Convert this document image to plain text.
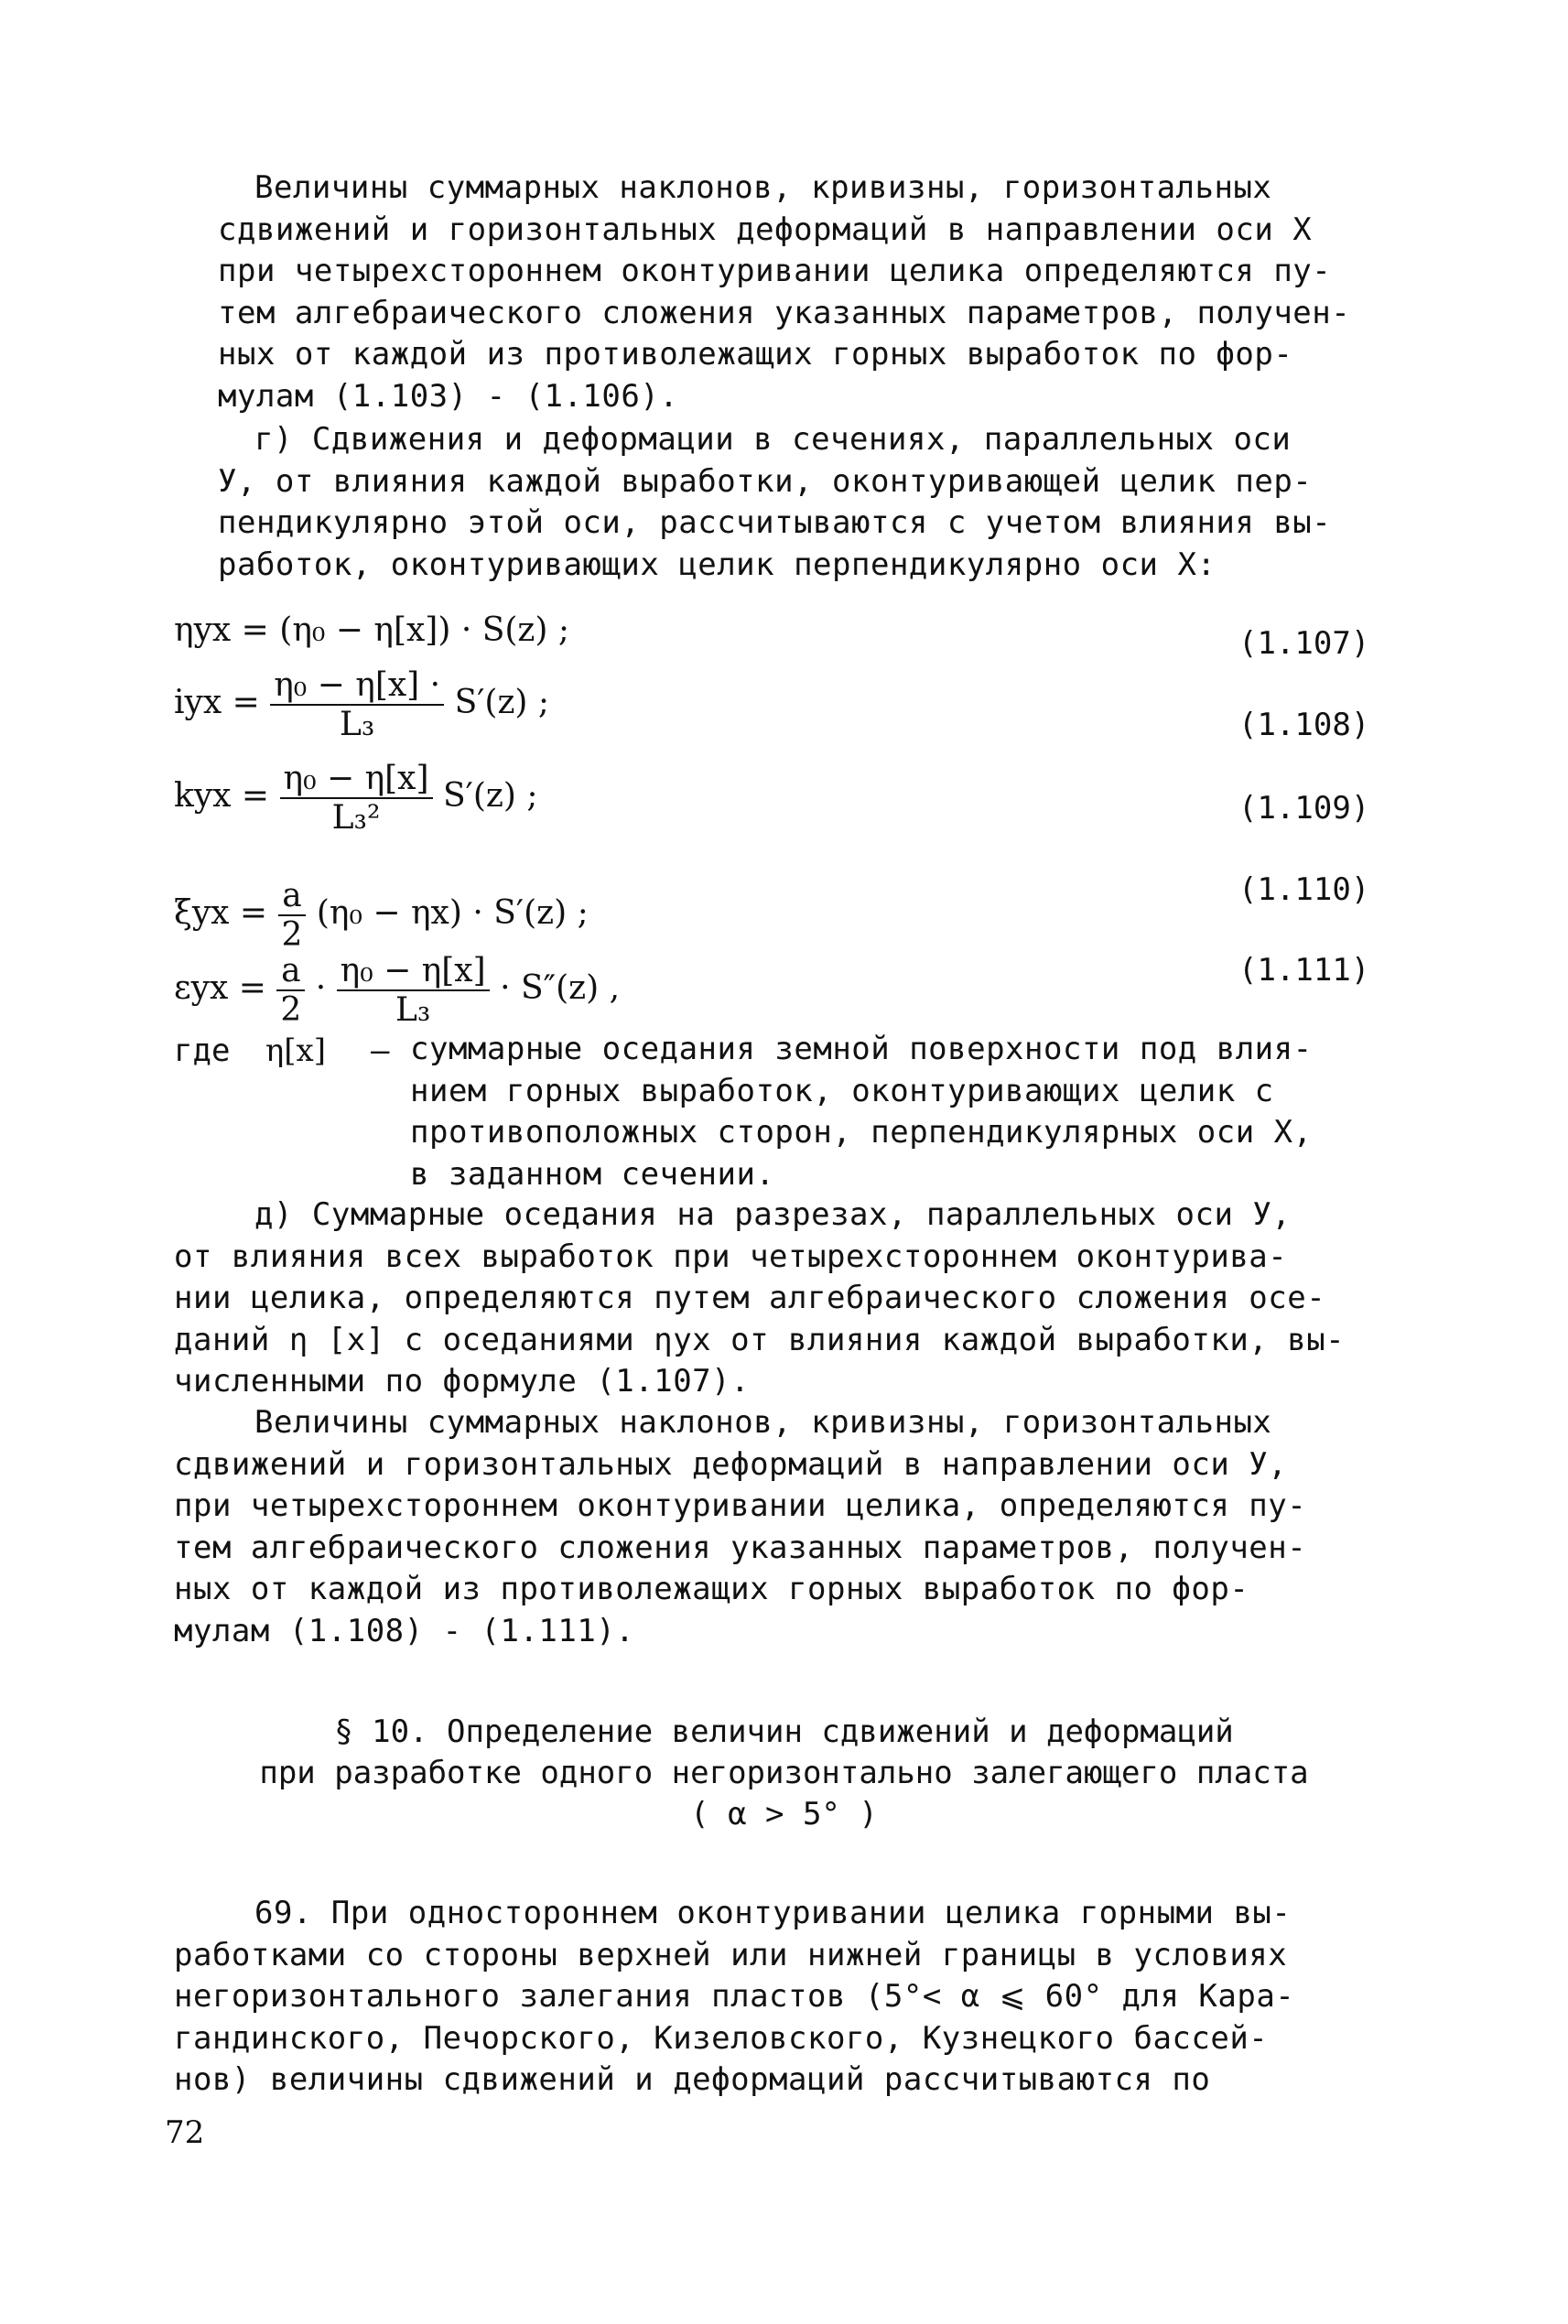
Величины суммарных наклонов, кривизны, горизонтальных
сдвижений и горизонтальных деформаций в направлении оси X
при четырехстороннем оконтуривании целика определяются пу-
тем алгебраического сложения указанных параметров, получен-
ных от каждой из противолежащих горных выработок по фор-
мулам (1.103) - (1.106).
г) Сдвижения и деформации в сечениях, параллельных оси
У, от влияния каждой выработки, оконтуривающей целик пер-
пендикулярно этой оси, рассчитываются с учетом влияния вы-
работок, оконтуривающих целик перпендикулярно оси X:
ηyx = (η₀ − η[x]) · S(z) ;	(1.107)
iyx = $\frac{\text{η₀ − η[x] ·}}{\text{L₃}} S'(z)$ ;
(1.108)
kyx = $\frac{\text{η₀ − η[x]}}{\text{L₃²}} S'(z)$ ;	(1.109)
(1.110)
$\xi yx = \frac{a}{2} (\eta_0 - \eta x) \cdot S'(z)$ ;
(1.111)
$\varepsilon yx = \frac{a}{2} \cdot \frac{\text{η₀ − η[x]}}{\text{L₃}} \cdot S''(z)$ ,
где η[x] – суммарные оседания земной поверхности под влия-
нием горных выработок, оконтуривающих целик с
противоположных сторон, перпендикулярных оси X,
в заданном сечении.
д) Суммарные оседания на разрезах, параллельных оси У,
от влияния всех выработок при четырехстороннем оконтурива-
нии целика, определяются путем алгебраического сложения осе-
даний η [x] с оседаниями ηyx от влияния каждой выработки, вы-
численными по формуле (1.107).
Величины суммарных наклонов, кривизны, горизонтальных
сдвижений и горизонтальных деформаций в направлении оси У,
при четырехстороннем оконтуривании целика, определяются пу-
тем алгебраического сложения указанных параметров, получен-
ных от каждой из противолежащих горных выработок по фор-
мулам (1.108) - (1.111).
§ 10. Определение величин сдвижений и деформаций
при разработке одного негоризонтально залегающего пласта
( α > 5° )
69. При одностороннем оконтуривании целика горными вы-
работками со стороны верхней или нижней границы в условиях
негоризонтального залегания пластов (5°< α ⩽ 60° для Кара-
гандинского, Печорского, Кизеловского, Кузнецкого бассей-
нов) величины сдвижений и деформаций рассчитываются по
72
